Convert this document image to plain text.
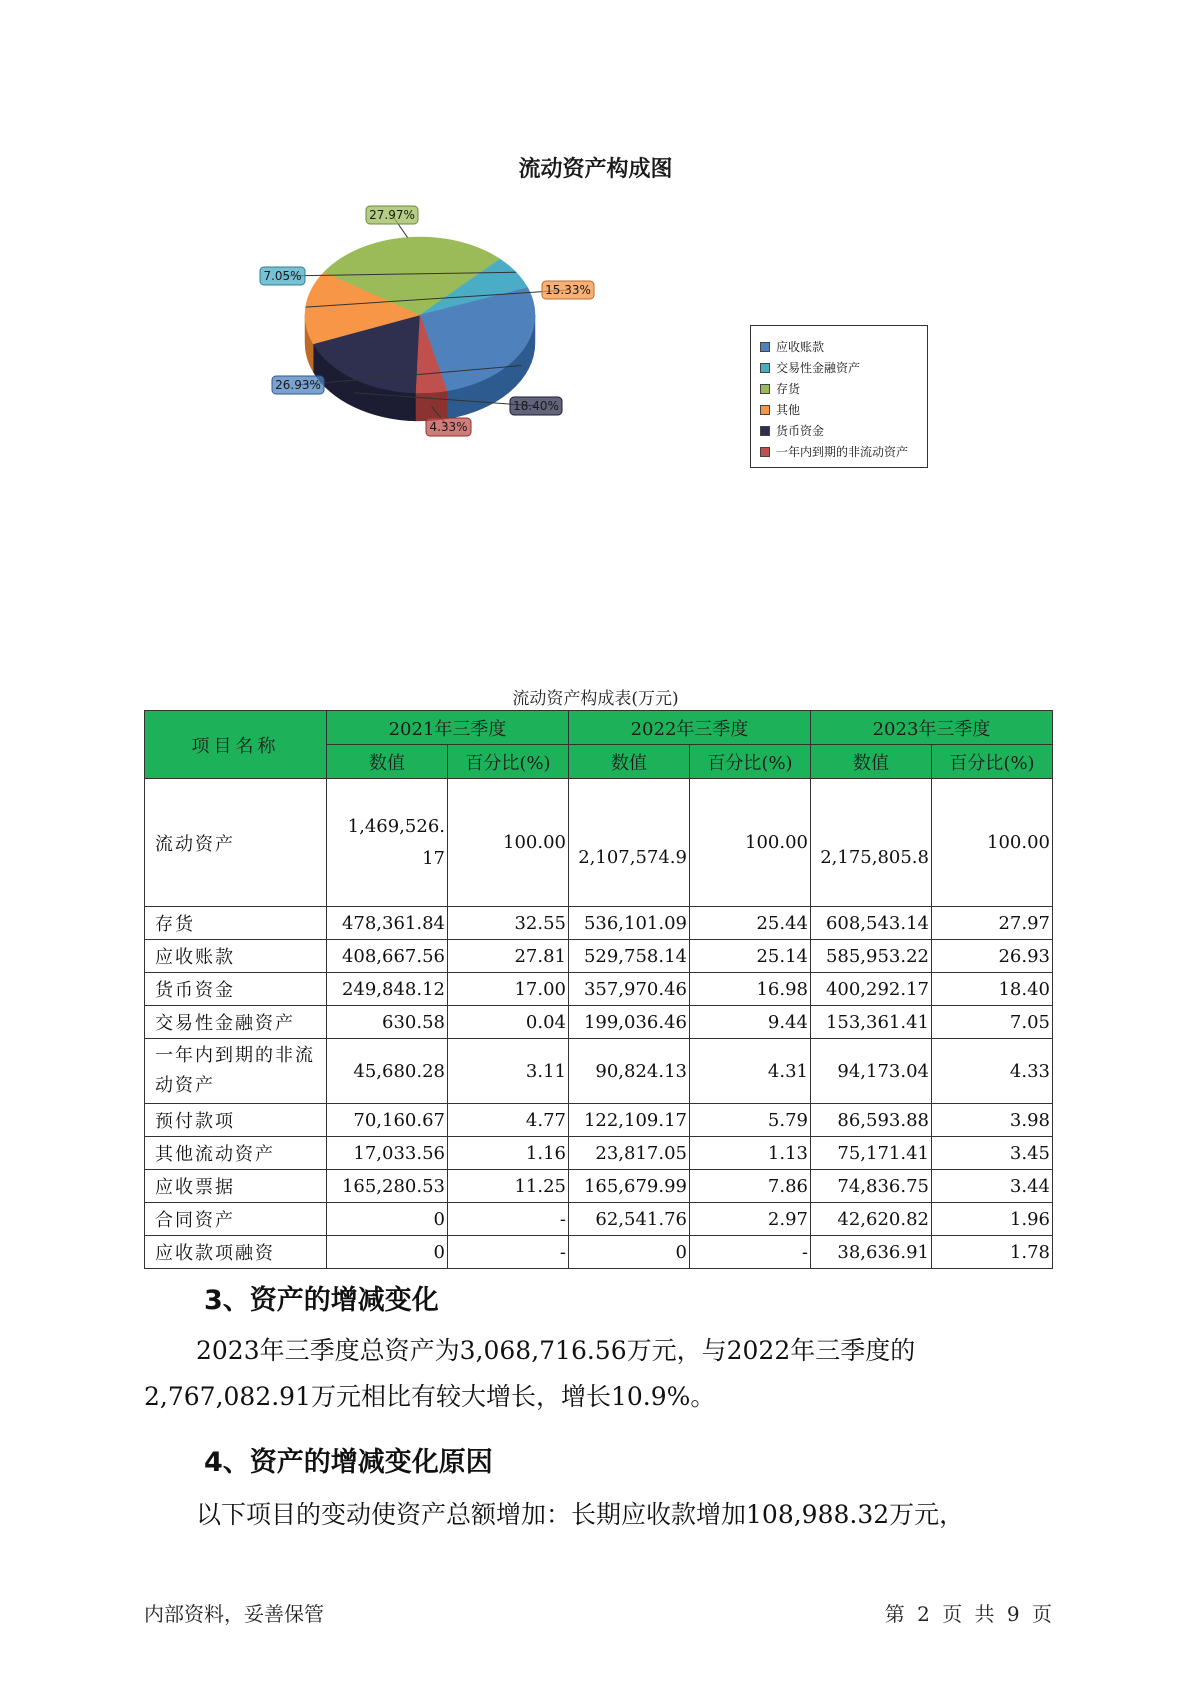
流动资产构成图
18.40%
15.33%
27.97%
7.05%
26.93%
4.33%
应收账款
交易性金融资产
存货
其他
货币资金
一年内到期的非流动资产
流动资产构成表(万元)
项目名称	2021年三季度		2022年三季度		2023年三季度	
	数值	百分比(%)	数值	百分比(%)	数值	百分比(%)
流动资产	1,469,526.17	100.00	2,107,574.9	100.00	2,175,805.8	100.00
存货	478,361.84	32.55	536,101.09	25.44	608,543.14	27.97
应收账款	408,667.56	27.81	529,758.14	25.14	585,953.22	26.93
货币资金	249,848.12	17.00	357,970.46	16.98	400,292.17	18.40
交易性金融资产	630.58	0.04	199,036.46	9.44	153,361.41	7.05
一年内到期的非流动资产	45,680.28	3.11	90,824.13	4.31	94,173.04	4.33
预付款项	70,160.67	4.77	122,109.17	5.79	86,593.88	3.98
其他流动资产	17,033.56	1.16	23,817.05	1.13	75,171.41	3.45
应收票据	165,280.53	11.25	165,679.99	7.86	74,836.75	3.44
合同资产	0	-	62,541.76	2.97	42,620.82	1.96
应收款项融资	0	-	0	-	38,636.91	1.78
3、资产的增减变化
2023年三季度总资产为3,068,716.56万元，与2022年三季度的
2,767,082.91万元相比有较大增长，增长10.9%。
4、资产的增减变化原因
以下项目的变动使资产总额增加：长期应收款增加108,988.32万元，
内部资料，妥善保管	第 2 页 共 9 页
